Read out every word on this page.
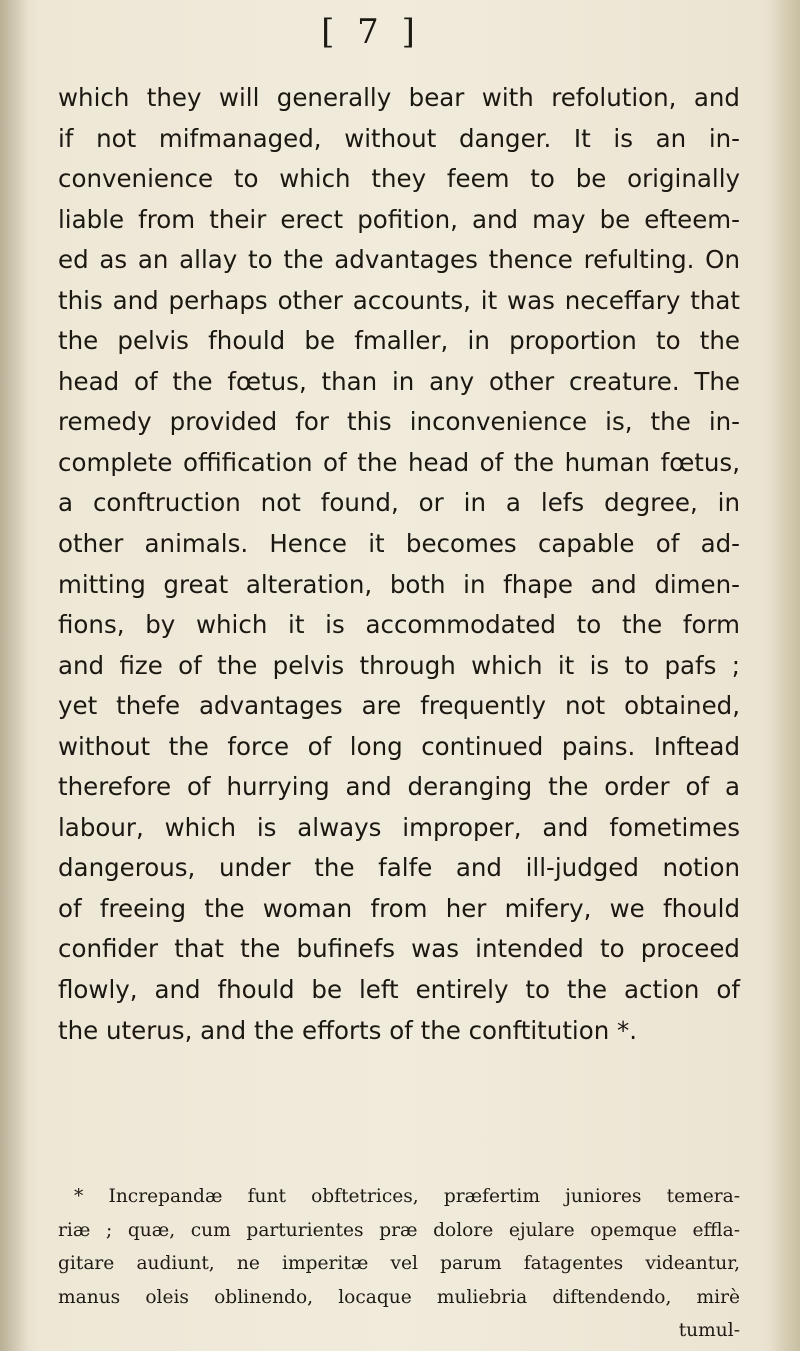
[ 7 ]
which they will generally bear with refolution, and
if not mifmanaged, without danger. It is an in-
convenience to which they feem to be originally
liable from their erect pofition, and may be efteem-
ed as an allay to the advantages thence refulting. On
this and perhaps other accounts, it was neceffary that
the pelvis fhould be fmaller, in proportion to the
head of the fœtus, than in any other creature. The
remedy provided for this inconvenience is, the in-
complete offification of the head of the human fœtus,
a conftruction not found, or in a lefs degree, in
other animals. Hence it becomes capable of ad-
mitting great alteration, both in fhape and dimen-
fions, by which it is accommodated to the form
and fize of the pelvis through which it is to pafs ;
yet thefe advantages are frequently not obtained,
without the force of long continued pains. Inftead
therefore of hurrying and deranging the order of a
labour, which is always improper, and fometimes
dangerous, under the falfe and ill-judged notion
of freeing the woman from her mifery, we fhould
confider that the bufinefs was intended to proceed
flowly, and fhould be left entirely to the action of
the uterus, and the efforts of the conftitution *.
* Increpandæ funt obftetrices, præfertim juniores temera-
riæ ; quæ, cum parturientes præ dolore ejulare opemque effla-
gitare audiunt, ne imperitæ vel parum fatagentes videantur,
manus oleis oblinendo, locaque muliebria diftendendo, mirè
tumul-
